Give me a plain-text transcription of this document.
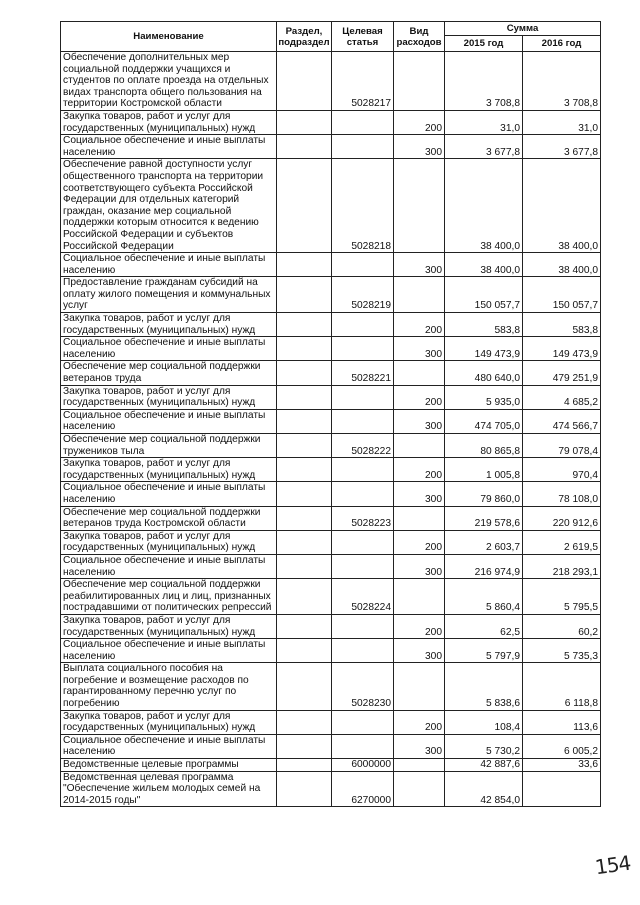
Наименование	Раздел, подраздел	Целевая статья	Вид расходов	Сумма	
				2015 год	2016 год
Обеспечение дополнительных мер социальной поддержки учащихся и студентов по оплате проезда на отдельных видах транспорта общего пользования на территории Костромской области		5028217		3 708,8	3 708,8
Закупка товаров, работ и услуг для государственных (муниципальных) нужд			200	31,0	31,0
Социальное обеспечение и иные выплаты населению			300	3 677,8	3 677,8
Обеспечение равной доступности услуг общественного транспорта на территории соответствующего субъекта Российской Федерации для отдельных категорий граждан, оказание мер социальной поддержки которым относится к ведению Российской Федерации и субъектов Российской Федерации		5028218		38 400,0	38 400,0
Социальное обеспечение и иные выплаты населению			300	38 400,0	38 400,0
Предоставление гражданам субсидий на оплату жилого помещения и коммунальных услуг		5028219		150 057,7	150 057,7
Закупка товаров, работ и услуг для государственных (муниципальных) нужд			200	583,8	583,8
Социальное обеспечение и иные выплаты населению			300	149 473,9	149 473,9
Обеспечение мер социальной поддержки ветеранов труда		5028221		480 640,0	479 251,9
Закупка товаров, работ и услуг для государственных (муниципальных) нужд			200	5 935,0	4 685,2
Социальное обеспечение и иные выплаты населению			300	474 705,0	474 566,7
Обеспечение мер социальной поддержки тружеников тыла		5028222		80 865,8	79 078,4
Закупка товаров, работ и услуг для государственных (муниципальных) нужд			200	1 005,8	970,4
Социальное обеспечение и иные выплаты населению			300	79 860,0	78 108,0
Обеспечение мер социальной поддержки ветеранов труда Костромской области		5028223		219 578,6	220 912,6
Закупка товаров, работ и услуг для государственных (муниципальных) нужд			200	2 603,7	2 619,5
Социальное обеспечение и иные выплаты населению			300	216 974,9	218 293,1
Обеспечение мер социальной поддержки реабилитированных лиц и лиц, признанных пострадавшими от политических репрессий		5028224		5 860,4	5 795,5
Закупка товаров, работ и услуг для государственных (муниципальных) нужд			200	62,5	60,2
Социальное обеспечение и иные выплаты населению			300	5 797,9	5 735,3
Выплата социального пособия на погребение и возмещение расходов по гарантированному перечню услуг по погребению		5028230		5 838,6	6 118,8
Закупка товаров, работ и услуг для государственных (муниципальных) нужд			200	108,4	113,6
Социальное обеспечение и иные выплаты населению			300	5 730,2	6 005,2
Ведомственные целевые программы		6000000		42 887,6	33,6
Ведомственная целевая программа "Обеспечение жильем молодых семей на 2014-2015 годы"		6270000		42 854,0	
154
